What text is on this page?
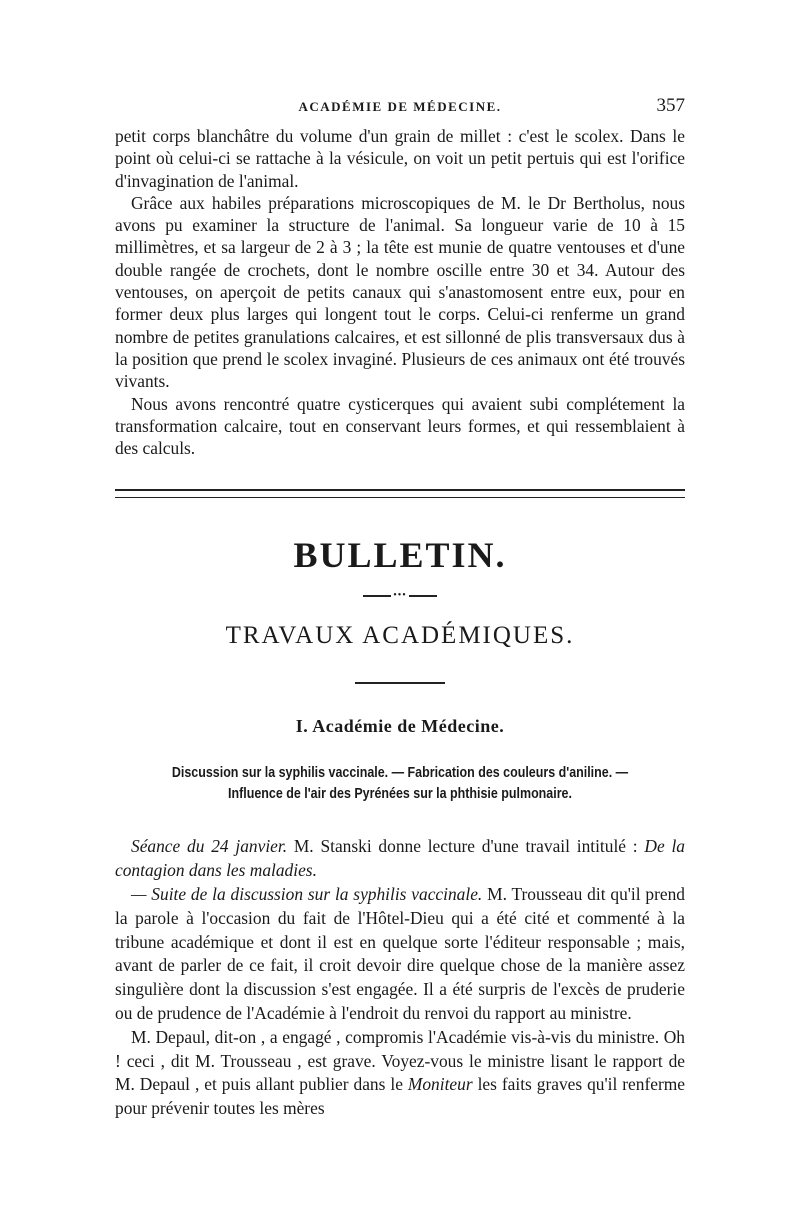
ACADÉMIE DE MÉDECINE.	357

petit corps blanchâtre du volume d'un grain de millet : c'est le scolex. Dans le point où celui-ci se rattache à la vésicule, on voit un petit pertuis qui est l'orifice d'invagination de l'animal.

Grâce aux habiles préparations microscopiques de M. le Dr Bertholus, nous avons pu examiner la structure de l'animal. Sa longueur varie de 10 à 15 millimètres, et sa largeur de 2 à 3 ; la tête est munie de quatre ventouses et d'une double rangée de crochets, dont le nombre oscille entre 30 et 34. Autour des ventouses, on aperçoit de petits canaux qui s'anastomosent entre eux, pour en former deux plus larges qui longent tout le corps. Celui-ci renferme un grand nombre de petites granulations calcaires, et est sillonné de plis transversaux dus à la position que prend le scolex invaginé. Plusieurs de ces animaux ont été trouvés vivants.

Nous avons rencontré quatre cysticerques qui avaient subi complétement la transformation calcaire, tout en conservant leurs formes, et qui ressemblaient à des calculs.

BULLETIN.
•••
TRAVAUX ACADÉMIQUES.
I. Académie de Médecine.
Discussion sur la syphilis vaccinale. — Fabrication des couleurs d'aniline. —
Influence de l'air des Pyrénées sur la phthisie pulmonaire.

Séance du 24 janvier. M. Stanski donne lecture d'une travail intitulé : De la contagion dans les maladies.

— Suite de la discussion sur la syphilis vaccinale. M. Trousseau dit qu'il prend la parole à l'occasion du fait de l'Hôtel-Dieu qui a été cité et commenté à la tribune académique et dont il est en quelque sorte l'éditeur responsable ; mais, avant de parler de ce fait, il croit devoir dire quelque chose de la manière assez singulière dont la discussion s'est engagée. Il a été surpris de l'excès de pruderie ou de prudence de l'Académie à l'endroit du renvoi du rapport au ministre.

M. Depaul, dit-on , a engagé , compromis l'Académie vis-à-vis du ministre. Oh ! ceci , dit M. Trousseau , est grave. Voyez-vous le ministre lisant le rapport de M. Depaul , et puis allant publier dans le Moniteur les faits graves qu'il renferme pour prévenir toutes les mères
